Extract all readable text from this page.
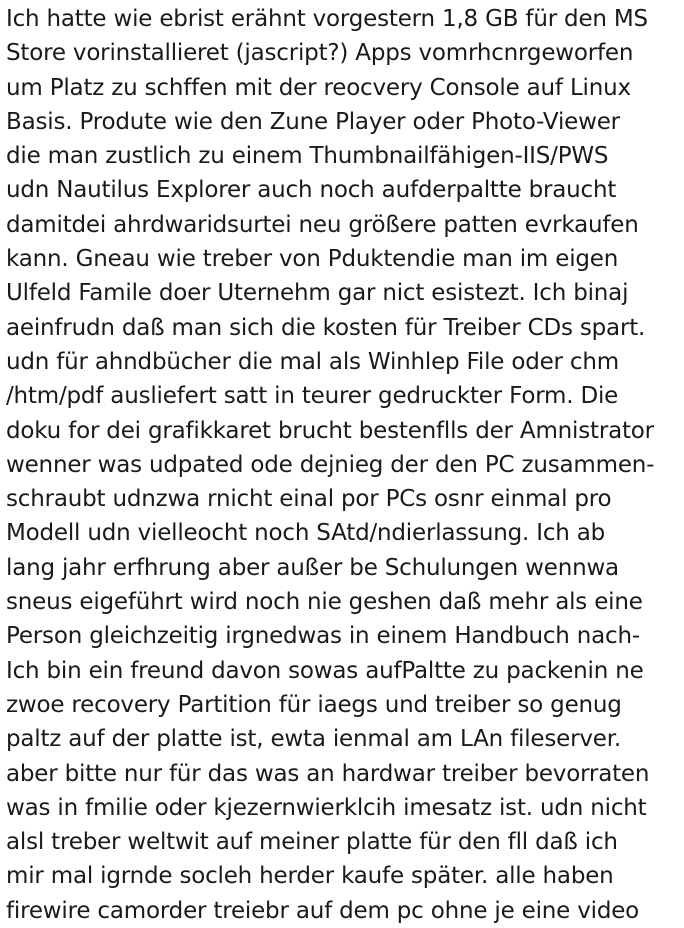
Ich hatte wie ebrist erähnt vorgestern 1,8 GB für den MS
Store vorinstallieret (jascript?) Apps vomrhcnrgeworfen
um Platz zu schffen mit der reocvery Console auf Linux
Basis. Produte wie den Zune Player oder Photo-Viewer
die man zustlich zu einem Thumbnailfähigen-IIS/PWS
udn Nautilus Explorer auch noch aufderpaltte braucht
damitdei ahrdwaridsurtei neu größere patten evrkaufen
kann. Gneau wie treber von Pduktendie man im eigen
Ulfeld Famile doer Uternehm gar nict esistezt. Ich binaj
aeinfrudn daß man sich die kosten für Treiber CDs spart.
udn für ahndbücher die mal als Winhlep File oder chm
/htm/pdf ausliefert satt in teurer gedruckter Form. Die
doku for dei grafikkaret brucht bestenflls der Amnistrator
wenner was udpated ode dejnieg der den PC zusammen-
schraubt udnzwa rnicht einal por PCs osnr einmal pro
Modell udn vielleocht noch SAtd/ndierlassung. Ich ab
lang jahr erfhrung aber außer be Schulungen wennwa
sneus eigeführt wird noch nie geshen daß mehr als eine
Person gleichzeitig irgnedwas in einem Handbuch nach-
Ich bin ein freund davon sowas aufPaltte zu packenin ne
zwoe recovery Partition für iaegs und treiber so genug
paltz auf der platte ist, ewta ienmal am LAn fileserver.
aber bitte nur für das was an hardwar treiber bevorraten
was in fmilie oder kjezernwierklcih imesatz ist. udn nicht
alsl treber weltwit auf meiner platte für den fll daß ich
mir mal igrnde socleh herder kaufe später. alle haben
firewire camorder treiebr auf dem pc ohne je eine video
